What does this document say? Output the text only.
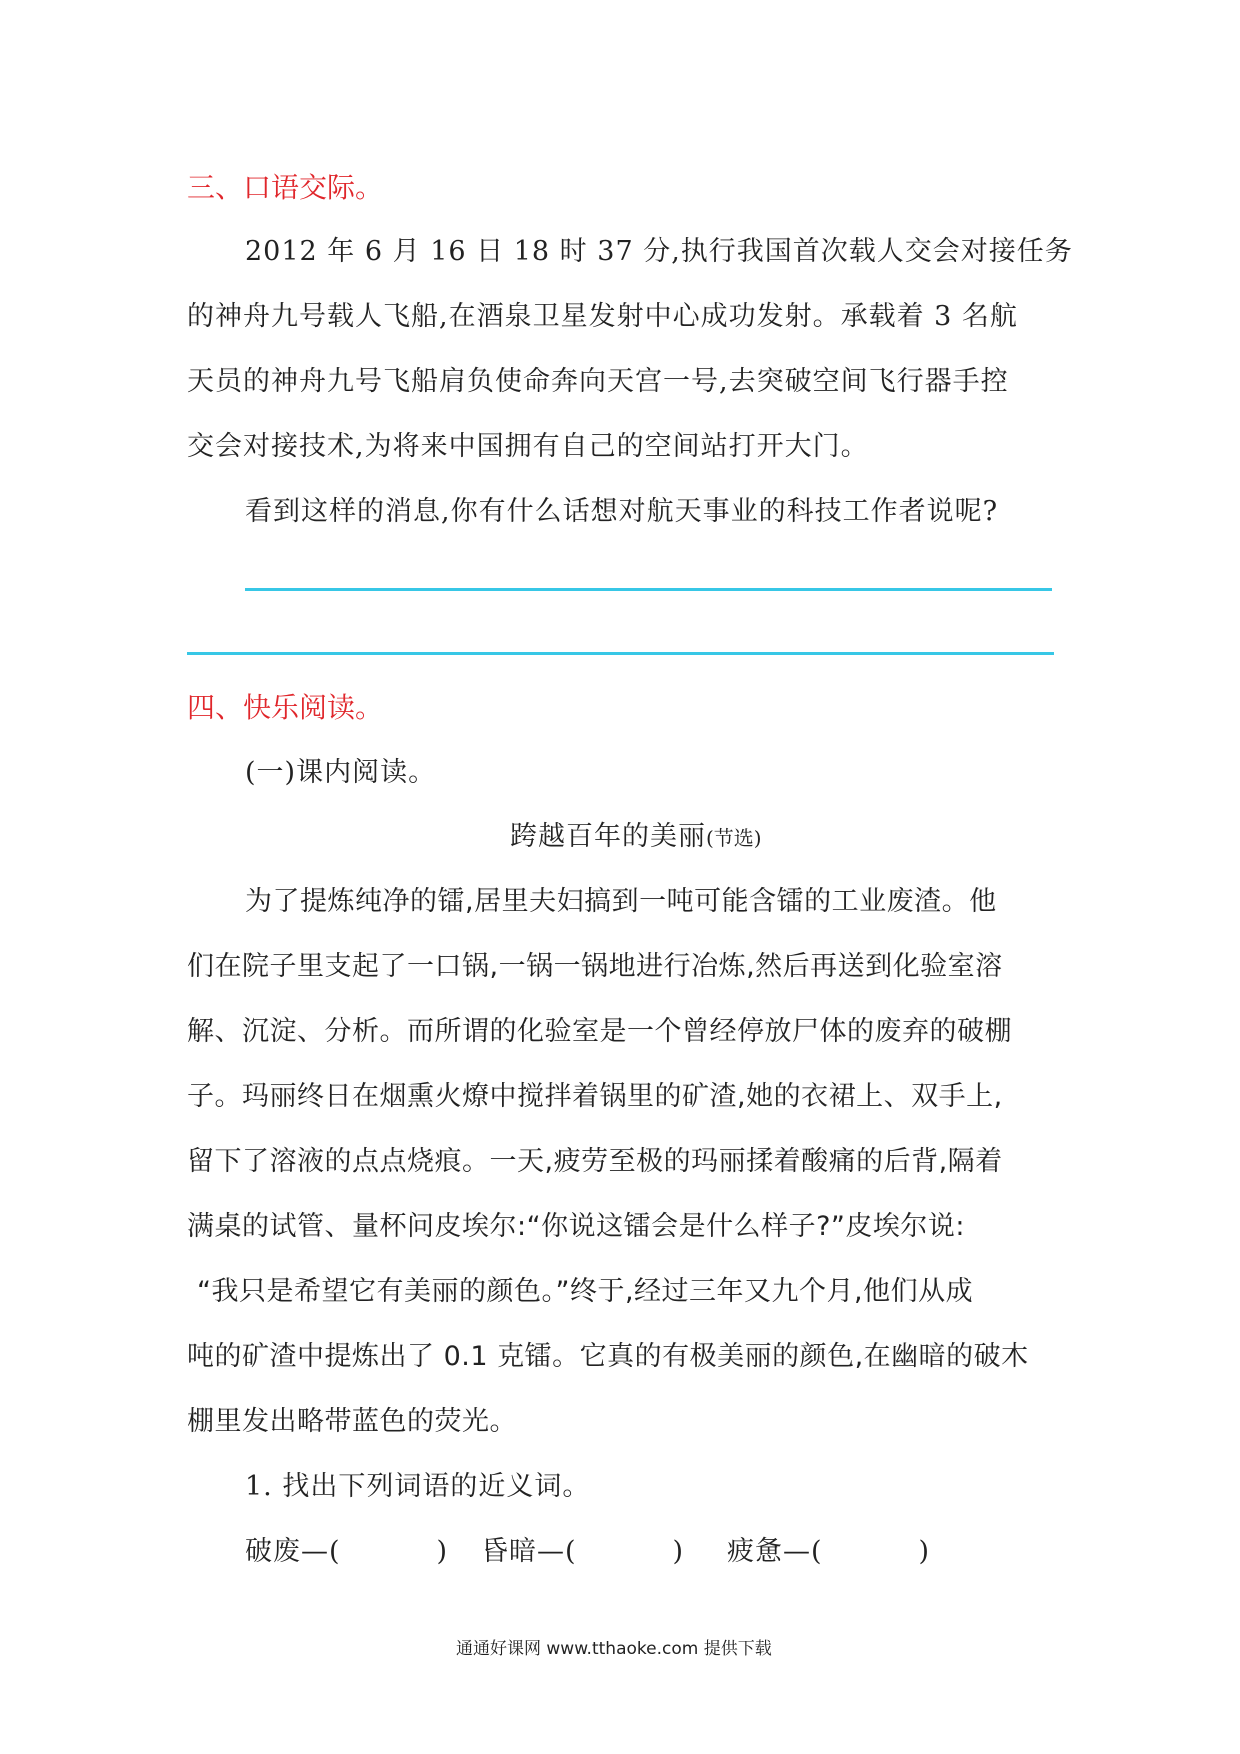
三、口语交际。
2012 年 6 月 16 日 18 时 37 分,执行我国首次载人交会对接任务
的神舟九号载人飞船,在酒泉卫星发射中心成功发射。承载着 3 名航
天员的神舟九号飞船肩负使命奔向天宫一号,去突破空间飞行器手控
交会对接技术,为将来中国拥有自己的空间站打开大门。
看到这样的消息,你有什么话想对航天事业的科技工作者说呢?
四、快乐阅读。
(一)课内阅读。
跨越百年的美丽(节选)
为了提炼纯净的镭,居里夫妇搞到一吨可能含镭的工业废渣。他
们在院子里支起了一口锅,一锅一锅地进行冶炼,然后再送到化验室溶
解、沉淀、分析。而所谓的化验室是一个曾经停放尸体的废弃的破棚
子。玛丽终日在烟熏火燎中搅拌着锅里的矿渣,她的衣裙上、双手上,
留下了溶液的点点烧痕。一天,疲劳至极的玛丽揉着酸痛的后背,隔着
满桌的试管、量杯问皮埃尔:“你说这镭会是什么样子?”皮埃尔说:
“我只是希望它有美丽的颜色。”终于,经过三年又九个月,他们从成
吨的矿渣中提炼出了 0.1 克镭。它真的有极美丽的颜色,在幽暗的破木
棚里发出略带蓝色的荧光。
1. 找出下列词语的近义词。
破废—(	) 昏暗—(	) 疲惫—(	)
通通好课网 www.tthaoke.com 提供下载
